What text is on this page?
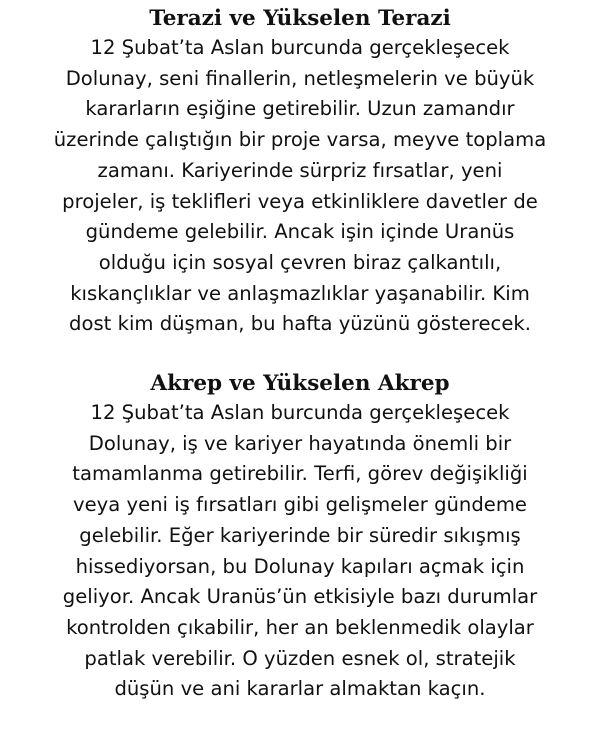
Terazi ve Yükselen Terazi

12 Şubat’ta Aslan burcunda gerçekleşecek
Dolunay, seni finallerin, netleşmelerin ve büyük
kararların eşiğine getirebilir. Uzun zamandır
üzerinde çalıştığın bir proje varsa, meyve toplama
zamanı. Kariyerinde sürpriz fırsatlar, yeni
projeler, iş teklifleri veya etkinliklere davetler de
gündeme gelebilir. Ancak işin içinde Uranüs
olduğu için sosyal çevren biraz çalkantılı,
kıskançlıklar ve anlaşmazlıklar yaşanabilir. Kim
dost kim düşman, bu hafta yüzünü gösterecek.

Akrep ve Yükselen Akrep

12 Şubat’ta Aslan burcunda gerçekleşecek
Dolunay, iş ve kariyer hayatında önemli bir
tamamlanma getirebilir. Terfi, görev değişikliği
veya yeni iş fırsatları gibi gelişmeler gündeme
gelebilir. Eğer kariyerinde bir süredir sıkışmış
hissediyorsan, bu Dolunay kapıları açmak için
geliyor. Ancak Uranüs’ün etkisiyle bazı durumlar
kontrolden çıkabilir, her an beklenmedik olaylar
patlak verebilir. O yüzden esnek ol, stratejik
düşün ve ani kararlar almaktan kaçın.
